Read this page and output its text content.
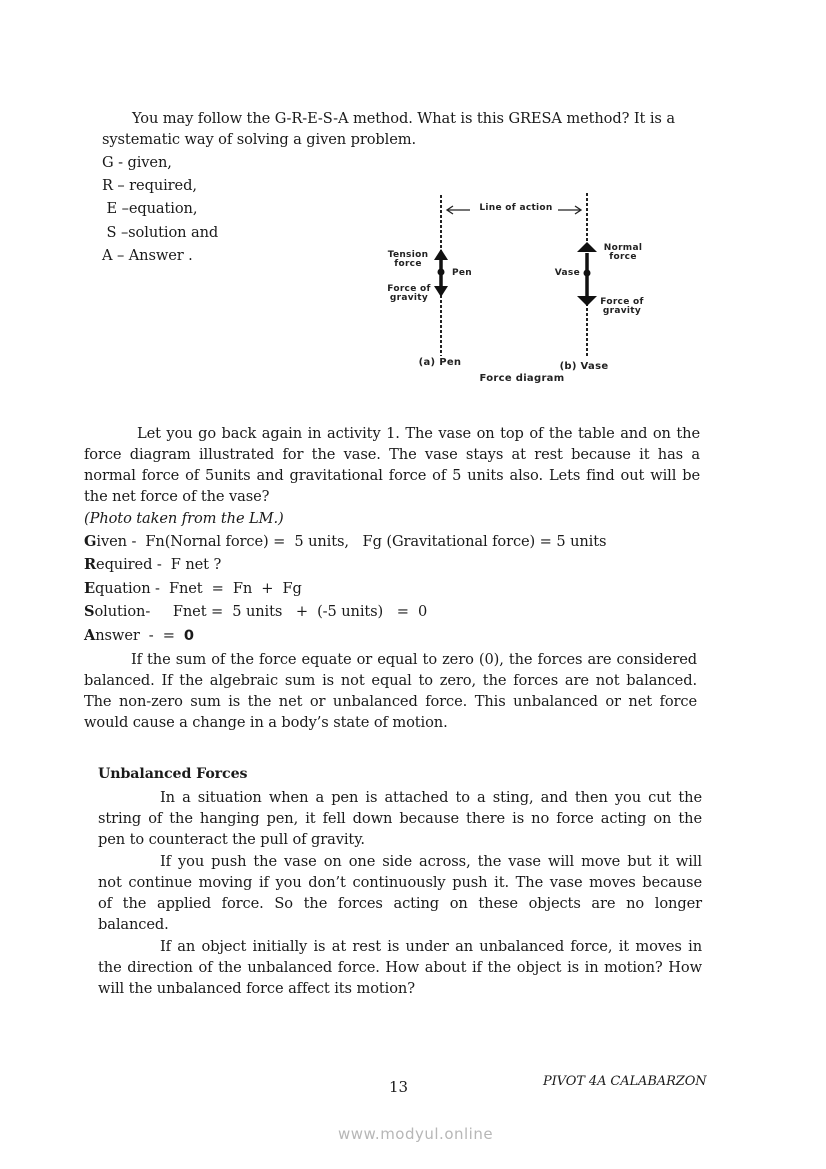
You may follow the G-R-E-S-A method. What is this GRESA method? It is a
systematic way of solving a given problem.
G - given,
R – required,
E –equation,
S –solution and
A – Answer .
Line of action
Tension force
Pen
Force of gravity
Normal force
Vase
Force of gravity
(a) Pen	(b) Vase
Force diagram
Let you go back again in activity 1. The vase on top of the table and on the
force diagram illustrated for the vase. The vase stays at rest because it has a
normal force of 5units and gravitational force of 5 units also. Lets find out will be
the net force of the vase?
(Photo taken from the LM.)
Given -  Fn(Nornal force) =  5 units,   Fg (Gravitational force) = 5 units
Required -  F net ?
Equation -  Fnet  =  Fn  +  Fg
Solution-     Fnet =  5 units   +  (-5 units)   =  0
Answer  -  =  0
If the sum of the force equate or equal to zero (0), the forces are considered
balanced. If the algebraic sum is not equal to zero, the forces are not balanced.
The non-zero sum is the net or unbalanced force. This unbalanced or net force
would cause a change in a body’s state of motion.
Unbalanced Forces
In a situation when a pen is attached to a sting, and then you cut the
string of the hanging pen, it fell down because there is no force acting on the
pen to counteract the pull of gravity.
If you push the vase on one side across, the vase will move but it will
not continue moving if you don’t continuously push it. The vase moves because
of the applied force. So the forces acting on these objects are no longer
balanced.
If an object initially is at rest is under an unbalanced force, it moves in
the direction of the unbalanced force. How about if the object is in motion? How
will the unbalanced force affect its motion?
13	PIVOT 4A CALABARZON
www.modyul.online
